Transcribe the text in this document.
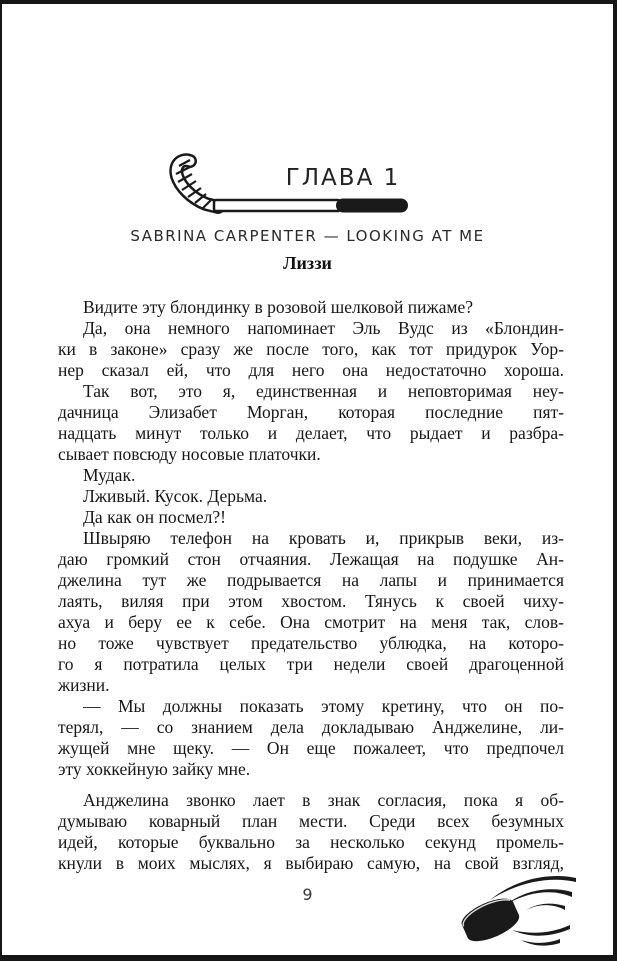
ГЛАВА 1
SABRINA CARPENTER — LOOKING AT ME
Лиззи
Видите эту блондинку в розовой шелковой пижаме?
Да, она немного напоминает Эль Вудс из «Блондин-
ки в законе» сразу же после того, как тот придурок Уор-
нер сказал ей, что для него она недостаточно хороша.
Так вот, это я, единственная и неповторимая неу-
дачница Элизабет Морган, которая последние пят-
надцать минут только и делает, что рыдает и разбра-
сывает повсюду носовые платочки.
Мудак.
Лживый. Кусок. Дерьма.
Да как он посмел?!
Швыряю телефон на кровать и, прикрыв веки, из-
даю громкий стон отчаяния. Лежащая на подушке Ан-
джелина тут же подрывается на лапы и принимается
лаять, виляя при этом хвостом. Тянусь к своей чиху-
ахуа и беру ее к себе. Она смотрит на меня так, слов-
но тоже чувствует предательство ублюдка, на которо-
го я потратила целых три недели своей драгоценной
жизни.
— Мы должны показать этому кретину, что он по-
терял, — со знанием дела докладываю Анджелине, ли-
жущей мне щеку. — Он еще пожалеет, что предпочел
эту хоккейную зайку мне.
Анджелина звонко лает в знак согласия, пока я об-
думываю коварный план мести. Среди всех безумных
идей, которые буквально за несколько секунд промель-
кнули в моих мыслях, я выбираю самую, на свой взгляд,
9
